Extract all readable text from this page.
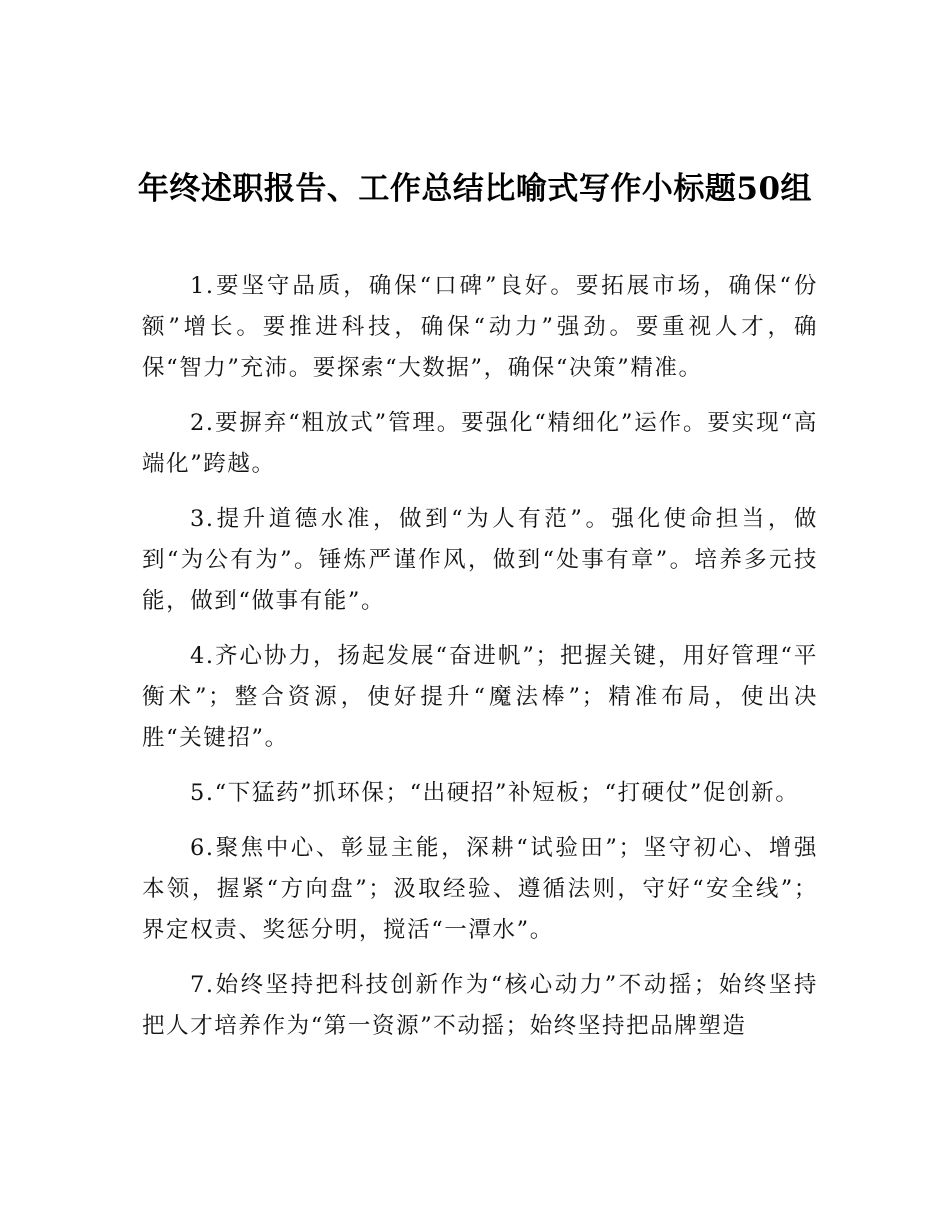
年终述职报告、工作总结比喻式写作小标题50组

1.要坚守品质，确保“口碑”良好。要拓展市场，确保“份额”增长。要推进科技，确保“动力”强劲。要重视人才，确保“智力”充沛。要探索“大数据”，确保“决策”精准。

2.要摒弃“粗放式”管理。要强化“精细化”运作。要实现“高端化”跨越。

3.提升道德水准，做到“为人有范”。强化使命担当，做到“为公有为”。锤炼严谨作风，做到“处事有章”。培养多元技能，做到“做事有能”。

4.齐心协力，扬起发展“奋进帆”；把握关键，用好管理“平衡术”；整合资源，使好提升“魔法棒”；精准布局，使出决胜“关键招”。

5.“下猛药”抓环保；“出硬招”补短板；“打硬仗”促创新。

6.聚焦中心、彰显主能，深耕“试验田”；坚守初心、增强本领，握紧“方向盘”；汲取经验、遵循法则，守好“安全线”；界定权责、奖惩分明，搅活“一潭水”。

7.始终坚持把科技创新作为“核心动力”不动摇；始终坚持把人才培养作为“第一资源”不动摇；始终坚持把品牌塑造
